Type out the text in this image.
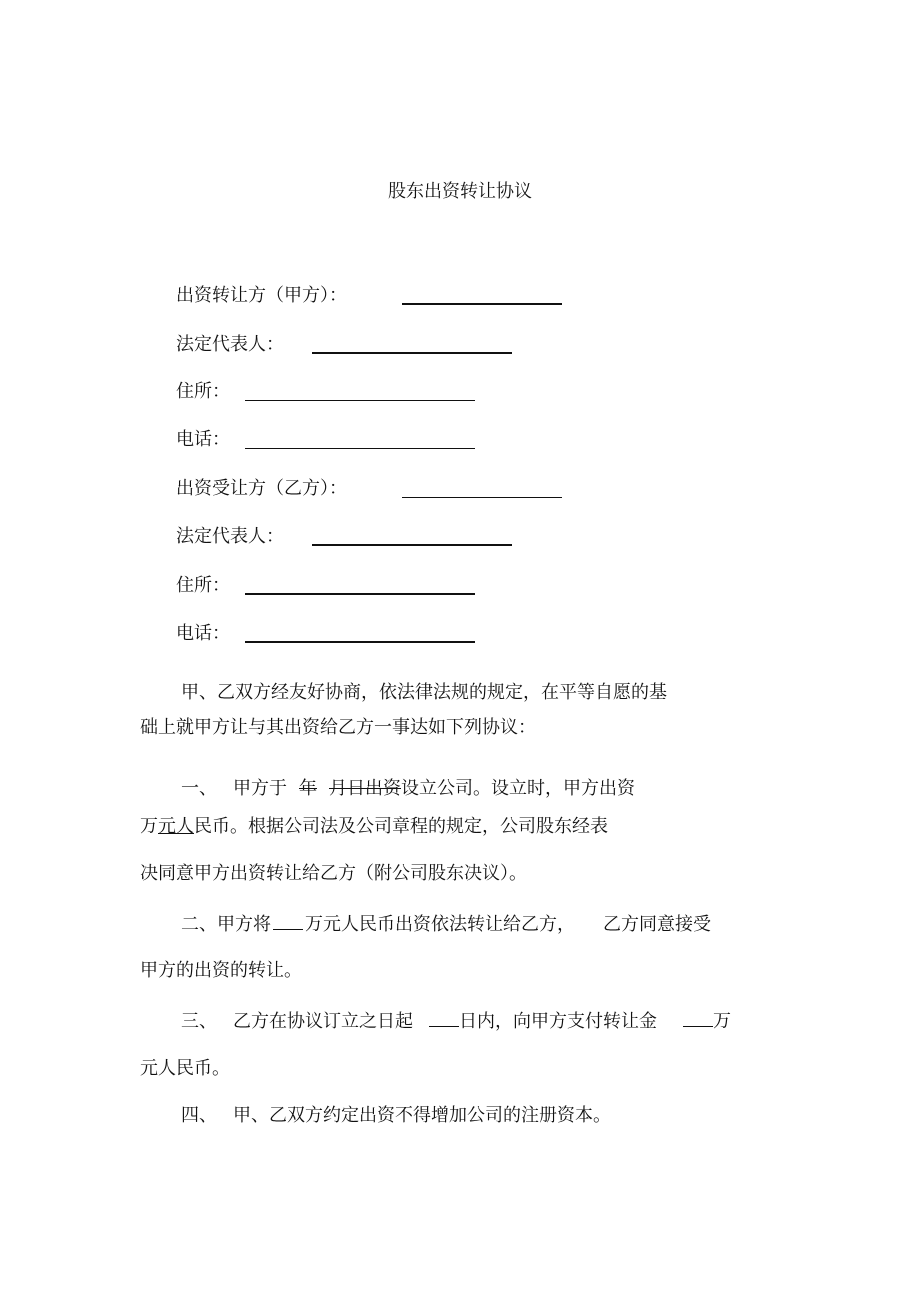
股东出资转让协议
出资转让方（甲方）：
法定代表人：
住所：
电话：
出资受让方（乙方）：
法定代表人：
住所：
电话：
甲、乙双方经友好协商，依法律法规的规定，在平等自愿的基
础上就甲方让与其出资给乙方一事达如下列协议：
一、 甲方于 年 月日出资设立公司。设立时，甲方出资
万元人民币。根据公司法及公司章程的规定，公司股东经表
决同意甲方出资转让给乙方（附公司股东决议）。
二、甲方将 万元人民币出资依法转让给乙方， 乙方同意接受
甲方的出资的转让。
三、 乙方在协议订立之日起	日内，向甲方支付转让金	万
元人民币。
四、 甲、乙双方约定出资不得增加公司的注册资本。
